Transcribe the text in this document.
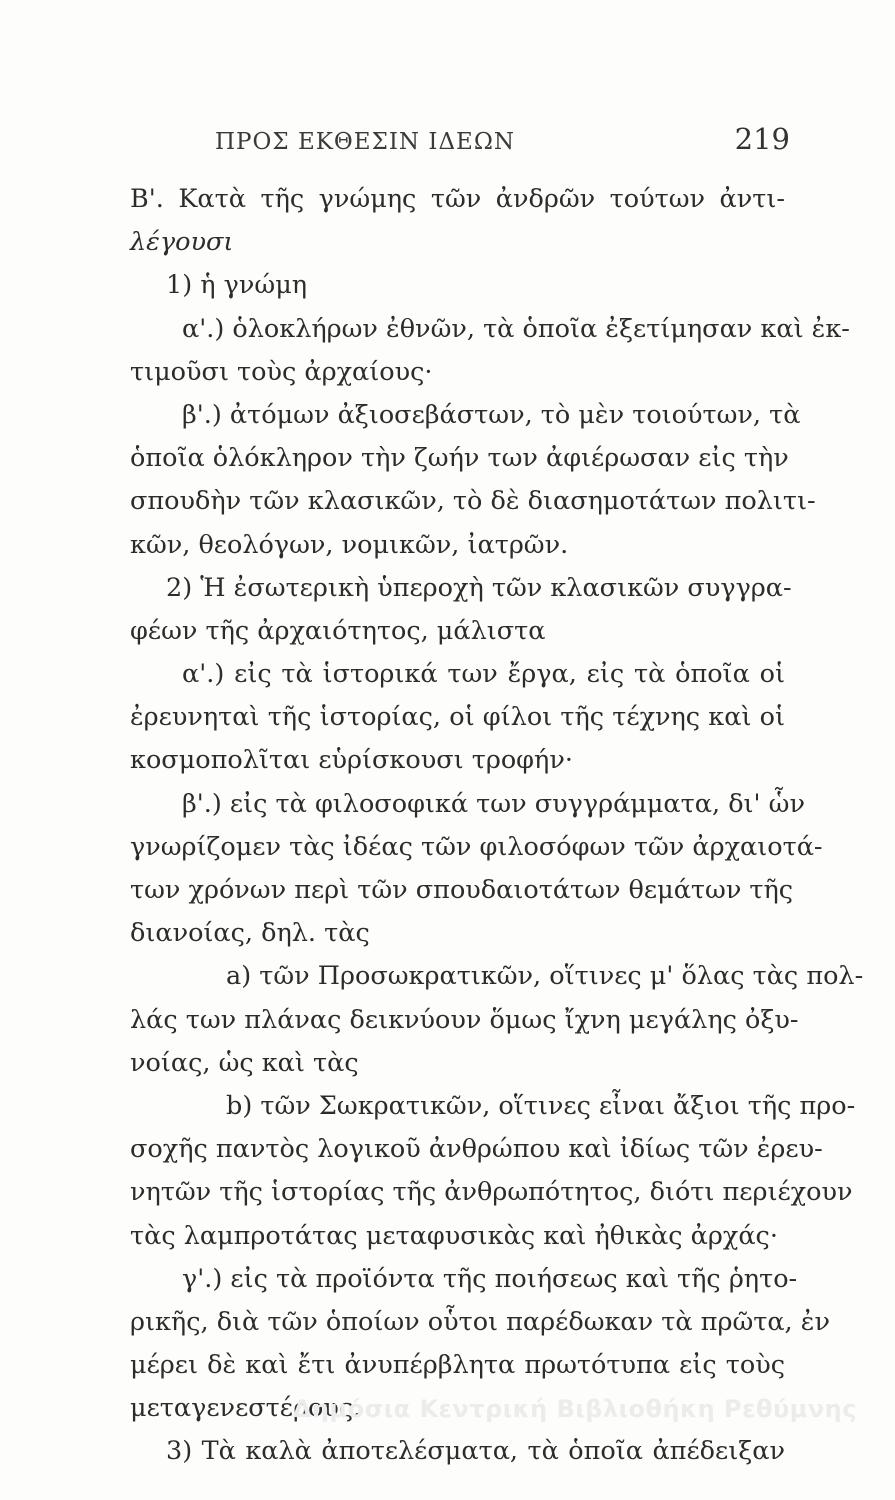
ΠΡΟΣ ΕΚΘΕΣΙΝ ΙΔΕΩΝ	219
Β'. Κατὰ τῆς γνώμης τῶν ἀνδρῶν τούτων ἀντι-
λέγουσι
1) ἡ γνώμη
α'.) ὁλοκλήρων ἐθνῶν, τὰ ὁποῖα ἐξετίμησαν καὶ ἐκ-
τιμοῦσι τοὺς ἀρχαίους·
β'.) ἀτόμων ἀξιοσεβάστων, τὸ μὲν τοιούτων, τὰ
ὁποῖα ὁλόκληρον τὴν ζωήν των ἀφιέρωσαν εἰς τὴν
σπουδὴν τῶν κλασικῶν, τὸ δὲ διασημοτάτων πολιτι-
κῶν, θεολόγων, νομικῶν, ἰατρῶν.
2) Ἡ ἐσωτερικὴ ὑπεροχὴ τῶν κλασικῶν συγγρα-
φέων τῆς ἀρχαιότητος, μάλιστα
α'.) εἰς τὰ ἱστορικά των ἔργα, εἰς τὰ ὁποῖα οἱ
ἐρευνηταὶ τῆς ἱστορίας, οἱ φίλοι τῆς τέχνης καὶ οἱ
κοσμοπολῖται εὑρίσκουσι τροφήν·
β'.) εἰς τὰ φιλοσοφικά των συγγράμματα, δι' ὧν
γνωρίζομεν τὰς ἰδέας τῶν φιλοσόφων τῶν ἀρχαιοτά-
των χρόνων περὶ τῶν σπουδαιοτάτων θεμάτων τῆς
διανοίας, δηλ. τὰς
a) τῶν Προσωκρατικῶν, οἵτινες μ' ὅλας τὰς πολ-
λάς των πλάνας δεικνύουν ὅμως ἴχνη μεγάλης ὀξυ-
νοίας, ὡς καὶ τὰς
b) τῶν Σωκρατικῶν, οἵτινες εἶναι ἄξιοι τῆς προ-
σοχῆς παντὸς λογικοῦ ἀνθρώπου καὶ ἰδίως τῶν ἐρευ-
νητῶν τῆς ἱστορίας τῆς ἀνθρωπότητος, διότι περιέχουν
τὰς λαμπροτάτας μεταφυσικὰς καὶ ἠθικὰς ἀρχάς·
γ'.) εἰς τὰ προϊόντα τῆς ποιήσεως καὶ τῆς ῥητο-
ρικῆς, διὰ τῶν ὁποίων οὗτοι παρέδωκαν τὰ πρῶτα, ἐν
μέρει δὲ καὶ ἔτι ἀνυπέρβλητα πρωτότυπα εἰς τοὺς
μεταγενεστέρους.
3) Τὰ καλὰ ἀποτελέσματα, τὰ ὁποῖα ἀπέδειξαν
Δημόσια Κεντρική Βιβλιοθήκη Ρεθύμνης
